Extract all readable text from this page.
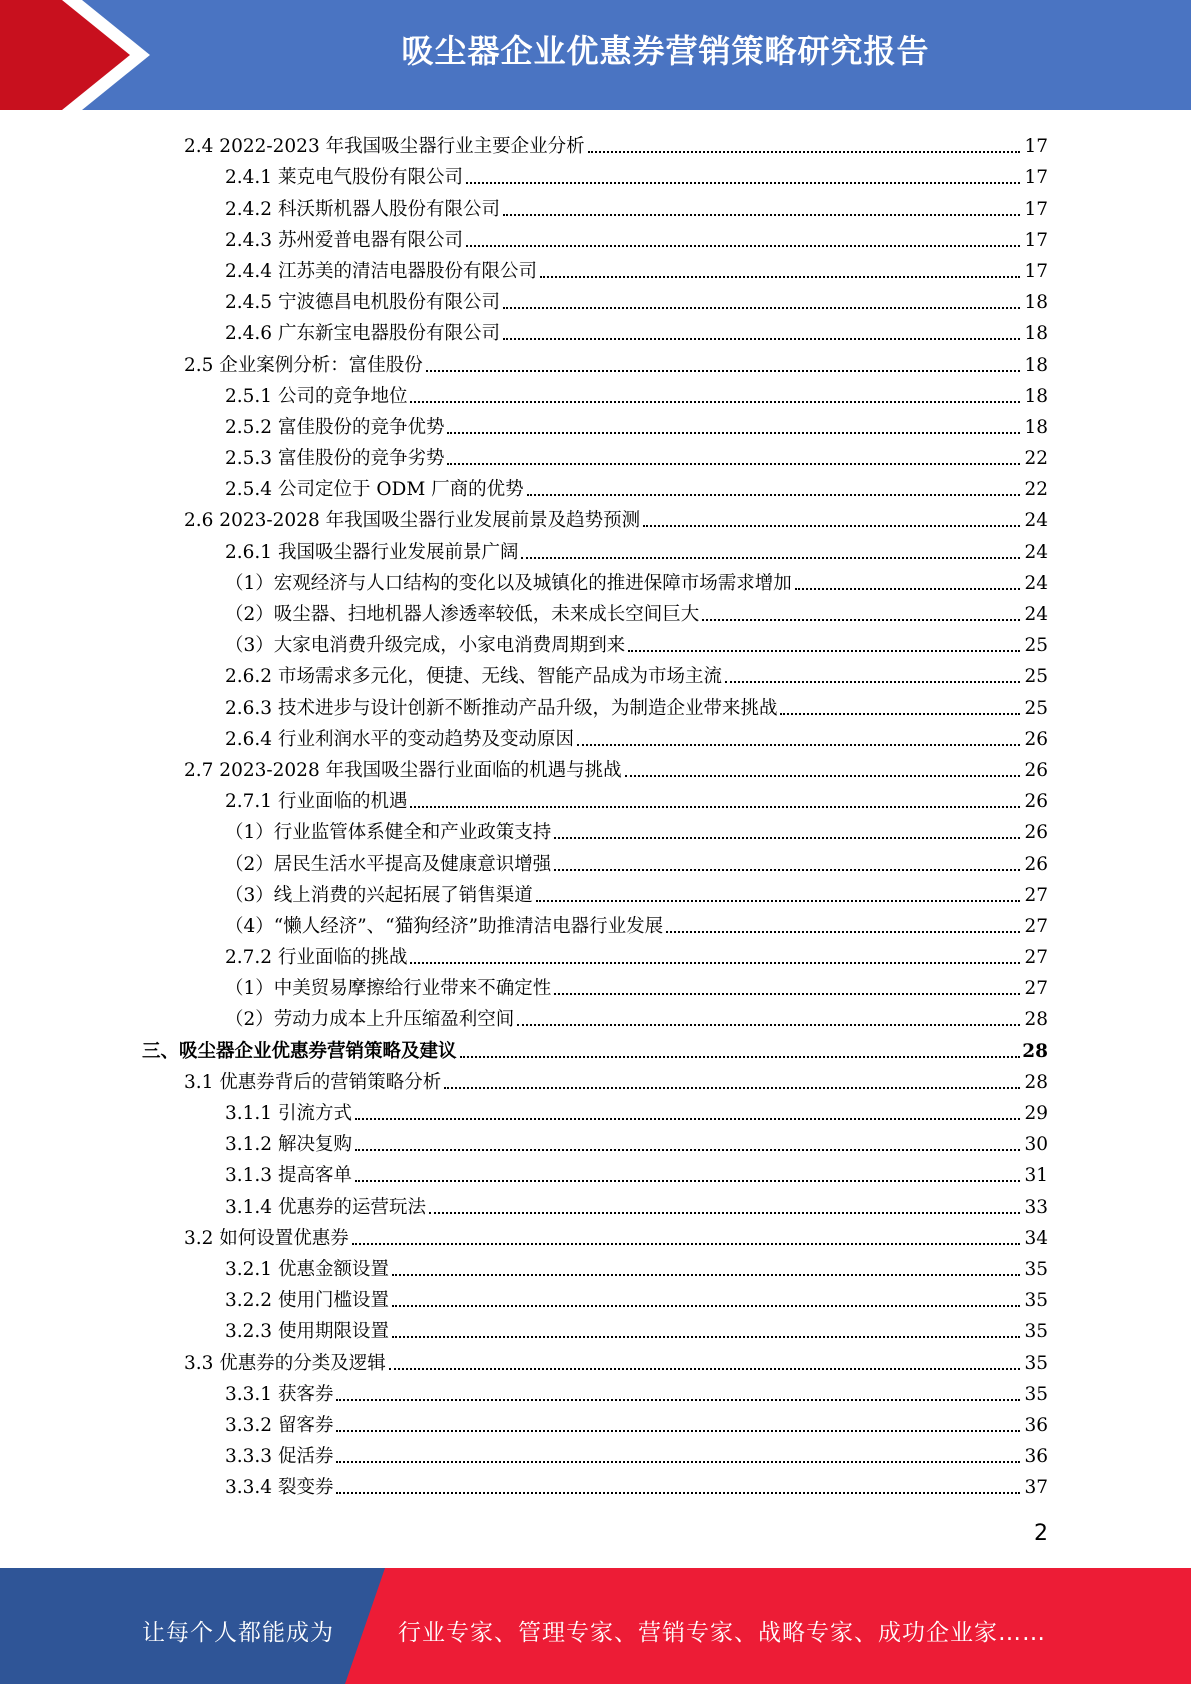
吸尘器企业优惠券营销策略研究报告
2.4 2022-2023 年我国吸尘器行业主要企业分析	17
2.4.1 莱克电气股份有限公司	17
2.4.2 科沃斯机器人股份有限公司	17
2.4.3 苏州爱普电器有限公司	17
2.4.4 江苏美的清洁电器股份有限公司	17
2.4.5 宁波德昌电机股份有限公司	18
2.4.6 广东新宝电器股份有限公司	18
2.5 企业案例分析：富佳股份	18
2.5.1 公司的竞争地位	18
2.5.2 富佳股份的竞争优势	18
2.5.3 富佳股份的竞争劣势	22
2.5.4 公司定位于 ODM 厂商的优势	22
2.6 2023-2028 年我国吸尘器行业发展前景及趋势预测	24
2.6.1 我国吸尘器行业发展前景广阔	24
（1）宏观经济与人口结构的变化以及城镇化的推进保障市场需求增加	24
（2）吸尘器、扫地机器人渗透率较低，未来成长空间巨大	24
（3）大家电消费升级完成，小家电消费周期到来	25
2.6.2 市场需求多元化，便捷、无线、智能产品成为市场主流	25
2.6.3 技术进步与设计创新不断推动产品升级，为制造企业带来挑战	25
2.6.4 行业利润水平的变动趋势及变动原因	26
2.7 2023-2028 年我国吸尘器行业面临的机遇与挑战	26
2.7.1 行业面临的机遇	26
（1）行业监管体系健全和产业政策支持	26
（2）居民生活水平提高及健康意识增强	26
（3）线上消费的兴起拓展了销售渠道	27
（4）“懒人经济”、“猫狗经济”助推清洁电器行业发展	27
2.7.2 行业面临的挑战	27
（1）中美贸易摩擦给行业带来不确定性	27
（2）劳动力成本上升压缩盈利空间	28
三、吸尘器企业优惠券营销策略及建议	28
3.1 优惠券背后的营销策略分析	28
3.1.1 引流方式	29
3.1.2 解决复购	30
3.1.3 提高客单	31
3.1.4 优惠券的运营玩法	33
3.2 如何设置优惠券	34
3.2.1 优惠金额设置	35
3.2.2 使用门槛设置	35
3.2.3 使用期限设置	35
3.3 优惠券的分类及逻辑	35
3.3.1 获客券	35
3.3.2 留客券	36
3.3.3 促活券	36
3.3.4 裂变券	37
2
让每个人都能成为	行业专家、管理专家、营销专家、战略专家、成功企业家……
